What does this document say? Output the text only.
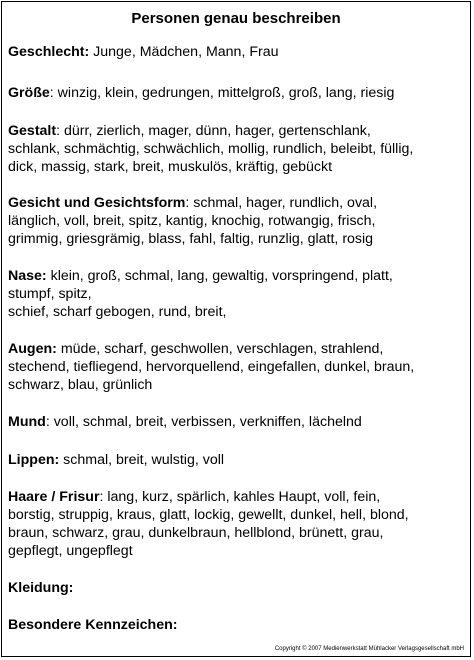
Personen genau beschreiben
Geschlecht: Junge, Mädchen, Mann, Frau
Größe: winzig, klein, gedrungen, mittelgroß, groß, lang, riesig
Gestalt: dürr, zierlich, mager, dünn, hager, gertenschlank,
schlank, schmächtig, schwächlich, mollig, rundlich, beleibt, füllig,
dick, massig, stark, breit, muskulös, kräftig, gebückt
Gesicht und Gesichtsform: schmal, hager, rundlich, oval,
länglich, voll, breit, spitz, kantig, knochig, rotwangig, frisch,
grimmig, griesgrämig, blass, fahl, faltig, runzlig, glatt, rosig
Nase: klein, groß, schmal, lang, gewaltig, vorspringend, platt,
stumpf, spitz,
schief, scharf gebogen, rund, breit,
Augen: müde, scharf, geschwollen, verschlagen, strahlend,
stechend, tiefliegend, hervorquellend, eingefallen, dunkel, braun,
schwarz, blau, grünlich
Mund: voll, schmal, breit, verbissen, verkniffen, lächelnd
Lippen: schmal, breit, wulstig, voll
Haare / Frisur: lang, kurz, spärlich, kahles Haupt, voll, fein,
borstig, struppig, kraus, glatt, lockig, gewellt, dunkel, hell, blond,
braun, schwarz, grau, dunkelbraun, hellblond, brünett, grau,
gepflegt, ungepflegt
Kleidung:
Besondere Kennzeichen:
Copyright © 2007 Medienwerkstatt Mühlacker Verlagsgesellschaft mbH
